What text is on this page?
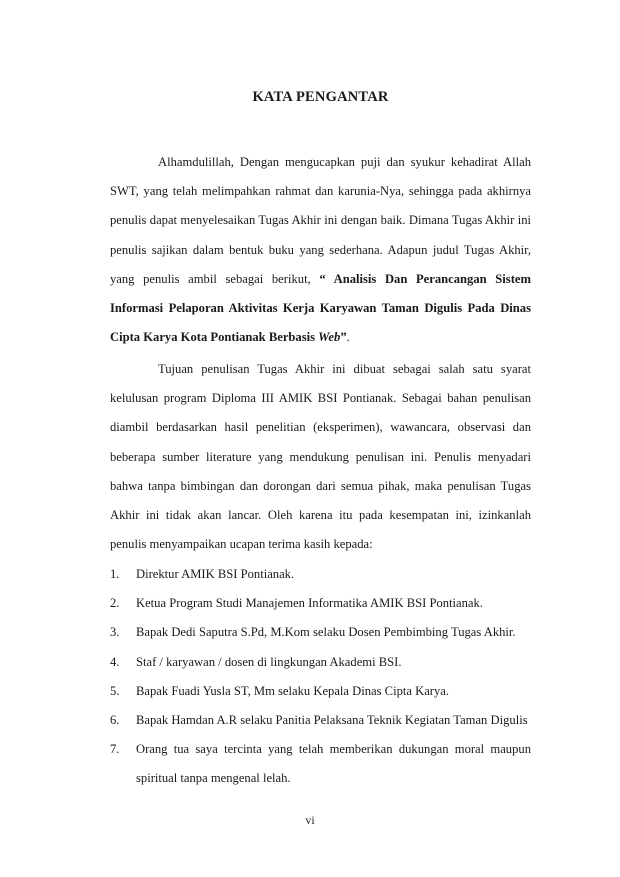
KATA PENGANTAR
Alhamdulillah, Dengan mengucapkan puji dan syukur kehadirat Allah SWT, yang telah melimpahkan rahmat dan karunia-Nya, sehingga pada akhirnya penulis dapat menyelesaikan Tugas Akhir ini dengan baik. Dimana Tugas Akhir ini penulis sajikan dalam bentuk buku yang sederhana. Adapun judul Tugas Akhir, yang penulis ambil sebagai berikut, “ Analisis Dan Perancangan Sistem Informasi Pelaporan Aktivitas Kerja Karyawan Taman Digulis Pada Dinas Cipta Karya Kota Pontianak Berbasis Web”.
Tujuan penulisan Tugas Akhir ini dibuat sebagai salah satu syarat kelulusan program Diploma III AMIK BSI Pontianak. Sebagai bahan penulisan diambil berdasarkan hasil penelitian (eksperimen), wawancara, observasi dan beberapa sumber literature yang mendukung penulisan ini. Penulis menyadari bahwa tanpa bimbingan dan dorongan dari semua pihak, maka penulisan Tugas Akhir ini tidak akan lancar. Oleh karena itu pada kesempatan ini, izinkanlah penulis menyampaikan ucapan terima kasih kepada:
1. Direktur AMIK BSI Pontianak.
2. Ketua Program Studi Manajemen Informatika AMIK BSI Pontianak.
3. Bapak Dedi Saputra S.Pd, M.Kom selaku Dosen Pembimbing Tugas Akhir.
4. Staf / karyawan / dosen di lingkungan Akademi BSI.
5. Bapak Fuadi Yusla ST, Mm selaku Kepala Dinas Cipta Karya.
6. Bapak Hamdan A.R selaku Panitia Pelaksana Teknik Kegiatan Taman Digulis
7. Orang tua saya tercinta yang telah memberikan dukungan moral maupun spiritual tanpa mengenal lelah.
vi
